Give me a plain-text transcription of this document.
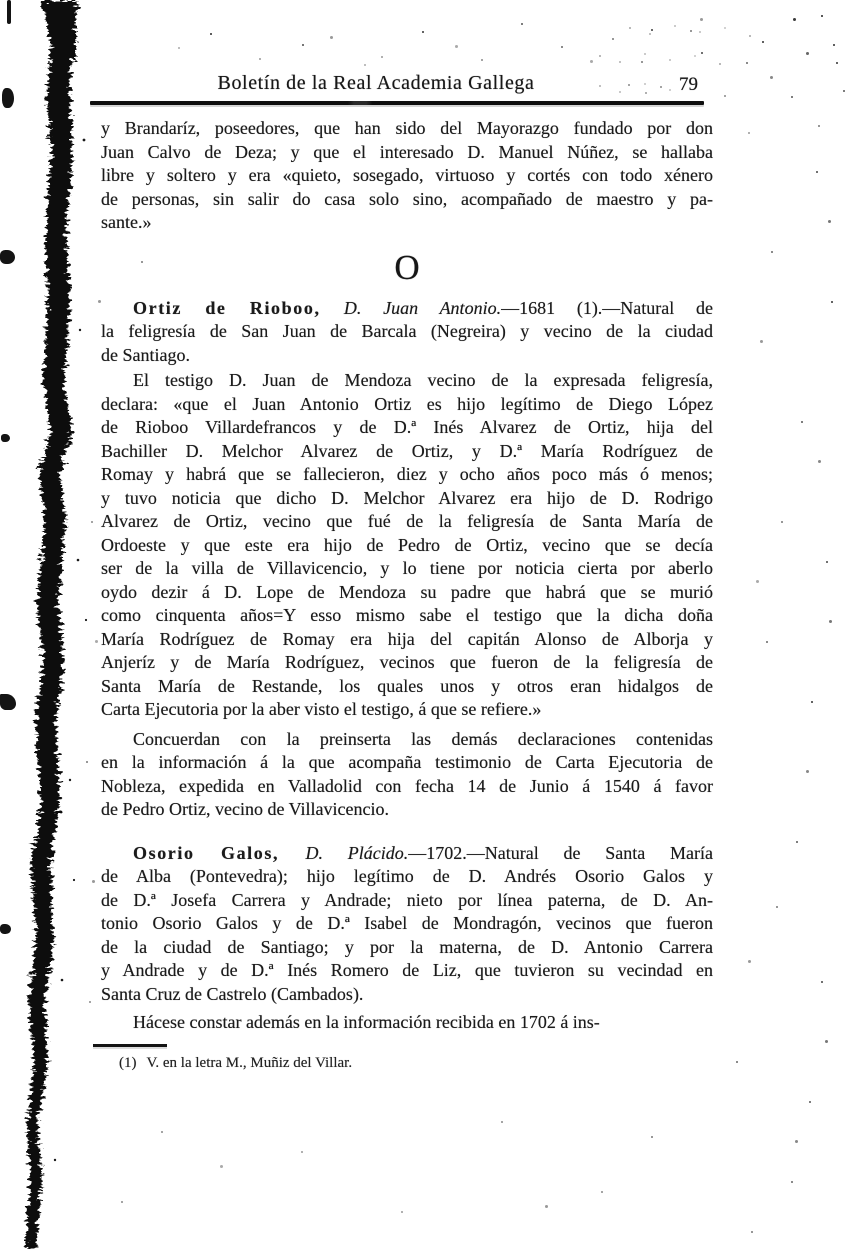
Boletín de la Real Academia Gallega	79
y Brandaríz, poseedores, que han sido del Mayorazgo fundado por don
Juan Calvo de Deza; y que el interesado D. Manuel Núñez, se hallaba
libre y soltero y era «quieto, sosegado, virtuoso y cortés con todo xénero
de personas, sin salir do casa solo sino, acompañado de maestro y pa-
sante.»
O
Ortiz de Rioboo, D. Juan Antonio.—1681 (1).—Natural de
la feligresía de San Juan de Barcala (Negreira) y vecino de la ciudad
de Santiago.
El testigo D. Juan de Mendoza vecino de la expresada feligresía,
declara: «que el Juan Antonio Ortiz es hijo legítimo de Diego López
de Rioboo Villardefrancos y de D.ª Inés Alvarez de Ortiz, hija del
Bachiller D. Melchor Alvarez de Ortiz, y D.ª María Rodríguez de
Romay y habrá que se fallecieron, diez y ocho años poco más ó menos;
y tuvo noticia que dicho D. Melchor Alvarez era hijo de D. Rodrigo
Alvarez de Ortiz, vecino que fué de la feligresía de Santa María de
Ordoeste y que este era hijo de Pedro de Ortiz, vecino que se decía
ser de la villa de Villavicencio, y lo tiene por noticia cierta por aberlo
oydo dezir á D. Lope de Mendoza su padre que habrá que se murió
como cinquenta años=Y esso mismo sabe el testigo que la dicha doña
María Rodríguez de Romay era hija del capitán Alonso de Alborja y
Anjeríz y de María Rodríguez, vecinos que fueron de la feligresía de
Santa María de Restande, los quales unos y otros eran hidalgos de
Carta Ejecutoria por la aber visto el testigo, á que se refiere.»
Concuerdan con la preinserta las demás declaraciones contenidas
en la información á la que acompaña testimonio de Carta Ejecutoria de
Nobleza, expedida en Valladolid con fecha 14 de Junio á 1540 á favor
de Pedro Ortiz, vecino de Villavicencio.
Osorio Galos, D. Plácido.—1702.—Natural de Santa María
de Alba (Pontevedra); hijo legítimo de D. Andrés Osorio Galos y
de D.ª Josefa Carrera y Andrade; nieto por línea paterna, de D. An-
tonio Osorio Galos y de D.ª Isabel de Mondragón, vecinos que fueron
de la ciudad de Santiago; y por la materna, de D. Antonio Carrera
y Andrade y de D.ª Inés Romero de Liz, que tuvieron su vecindad en
Santa Cruz de Castrelo (Cambados).
Hácese constar además en la información recibida en 1702 á ins-
(1) V. en la letra M., Muñiz del Villar.
